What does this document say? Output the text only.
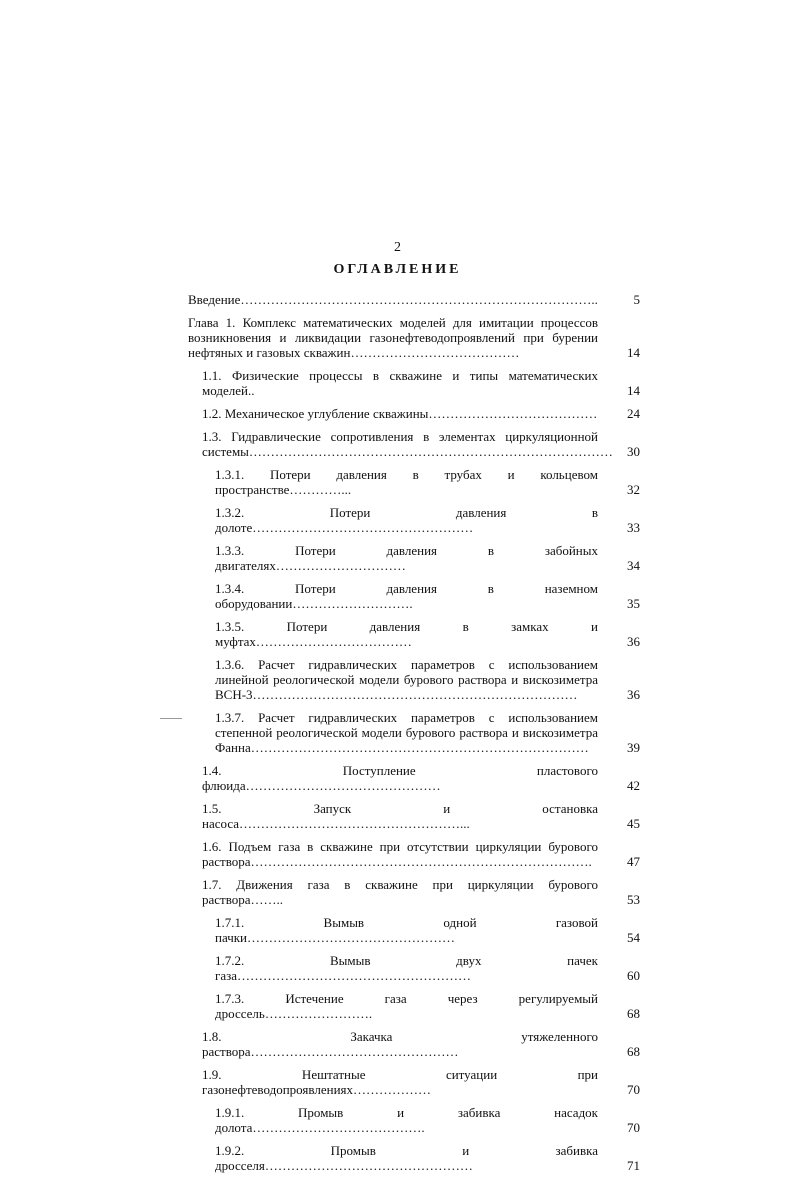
2
ОГЛАВЛЕНИЕ
Введение………………………………………………………………………..	5
Глава 1. Комплекс математических моделей для имитации процессов возникновения и ликвидации газонефтеводопроявлений при бурении нефтяных и газовых скважин…………………………………	14
1.1. Физические процессы в скважине и типы математических моделей..	14
1.2. Механическое углубление скважины…………………………………	24
1.3. Гидравлические сопротивления в элементах циркуляционной системы…………………………………………………………………………	30
1.3.1. Потери давления в трубах и кольцевом пространстве…………...	32
1.3.2. Потери давления в долоте……………………………………………	33
1.3.3. Потери давления в забойных двигателях…………………………	34
1.3.4. Потери давления в наземном оборудовании……………………….	35
1.3.5. Потери давления в замках и муфтах………………………………	36
1.3.6. Расчет гидравлических параметров с использованием линейной реологической модели бурового раствора и вискозиметра ВСН-3…………………………………………………………………	36
1.3.7. Расчет гидравлических параметров с использованием степенной реологической модели бурового раствора и вискозиметра Фанна……………………………………………………………………	39
1.4. Поступление пластового флюида………………………………………	42
1.5. Запуск и остановка насоса……………………………………………...	45
1.6. Подъем газа в скважине при отсутствии циркуляции бурового раствора…………………………………………………………………….	47
1.7. Движения газа в скважине при циркуляции бурового раствора……..	53
1.7.1. Вымыв одной газовой пачки…………………………………………	54
1.7.2. Вымыв двух пачек газа………………………………………………	60
1.7.3. Истечение газа через регулируемый дроссель…………………….	68
1.8. Закачка утяжеленного раствора…………………………………………	68
1.9. Нештатные ситуации при газонефтеводопроявлениях………………	70
1.9.1. Промыв и забивка насадок долота………………………………….	70
1.9.2. Промыв и забивка дросселя…………………………………………	71
